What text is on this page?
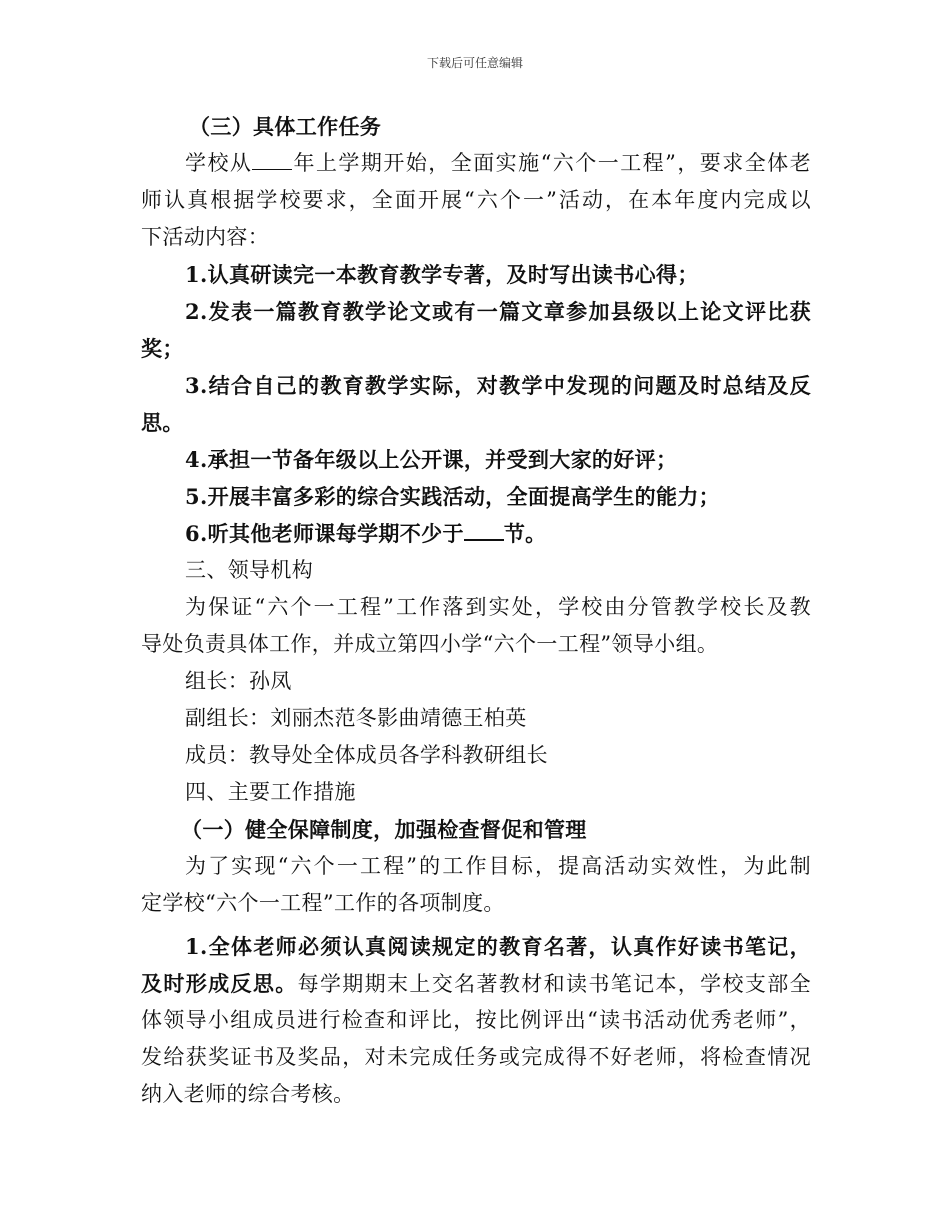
下载后可任意编辑
（三）具体工作任务
学校从 年上学期开始，全面实施“六个一工程”，要求全体老
师认真根据学校要求，全面开展“六个一”活动，在本年度内完成以
下活动内容：
1.认真研读完一本教育教学专著，及时写出读书心得；
2.发表一篇教育教学论文或有一篇文章参加县级以上论文评比获
奖；
3.结合自己的教育教学实际，对教学中发现的问题及时总结及反
思。
4.承担一节备年级以上公开课，并受到大家的好评；
5.开展丰富多彩的综合实践活动，全面提高学生的能力；
6.听其他老师课每学期不少于 节。
三、领导机构
为保证“六个一工程”工作落到实处，学校由分管教学校长及教
导处负责具体工作，并成立第四小学“六个一工程”领导小组。
组长：孙凤
副组长：刘丽杰范冬影曲靖德王柏英
成员：教导处全体成员各学科教研组长
四、主要工作措施
（一）健全保障制度，加强检查督促和管理
为了实现“六个一工程”的工作目标，提高活动实效性，为此制
定学校“六个一工程”工作的各项制度。
1.全体老师必须认真阅读规定的教育名著，认真作好读书笔记，
及时形成反思。每学期期末上交名著教材和读书笔记本，学校支部全
体领导小组成员进行检查和评比，按比例评出“读书活动优秀老师”，
发给获奖证书及奖品，对未完成任务或完成得不好老师，将检查情况
纳入老师的综合考核。
